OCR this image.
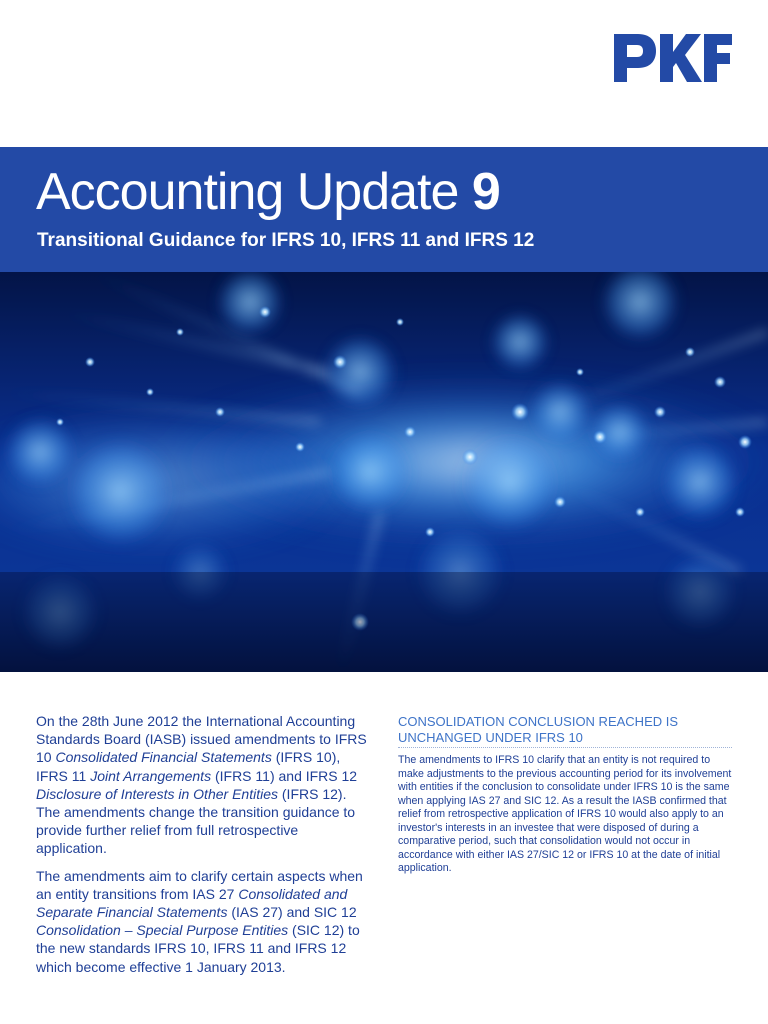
Accounting Update 9
Transitional Guidance for IFRS 10, IFRS 11 and IFRS 12

On the 28th June 2012 the International Accounting Standards Board (IASB) issued amendments to IFRS 10 Consolidated Financial Statements (IFRS 10), IFRS 11 Joint Arrangements (IFRS 11) and IFRS 12 Disclosure of Interests in Other Entities (IFRS 12). The amendments change the transition guidance to provide further relief from full retrospective application.

The amendments aim to clarify certain aspects when an entity transitions from IAS 27 Consolidated and Separate Financial Statements (IAS 27) and SIC 12 Consolidation – Special Purpose Entities (SIC 12) to the new standards IFRS 10, IFRS 11 and IFRS 12 which become effective 1 January 2013.

CONSOLIDATION CONCLUSION REACHED IS UNCHANGED UNDER IFRS 10

The amendments to IFRS 10 clarify that an entity is not required to make adjustments to the previous accounting period for its involvement with entities if the conclusion to consolidate under IFRS 10 is the same when applying IAS 27 and SIC 12. As a result the IASB confirmed that relief from retrospective application of IFRS 10 would also apply to an investor's interests in an investee that were disposed of during a comparative period, such that consolidation would not occur in accordance with either IAS 27/SIC 12 or IFRS 10 at the date of initial application.
